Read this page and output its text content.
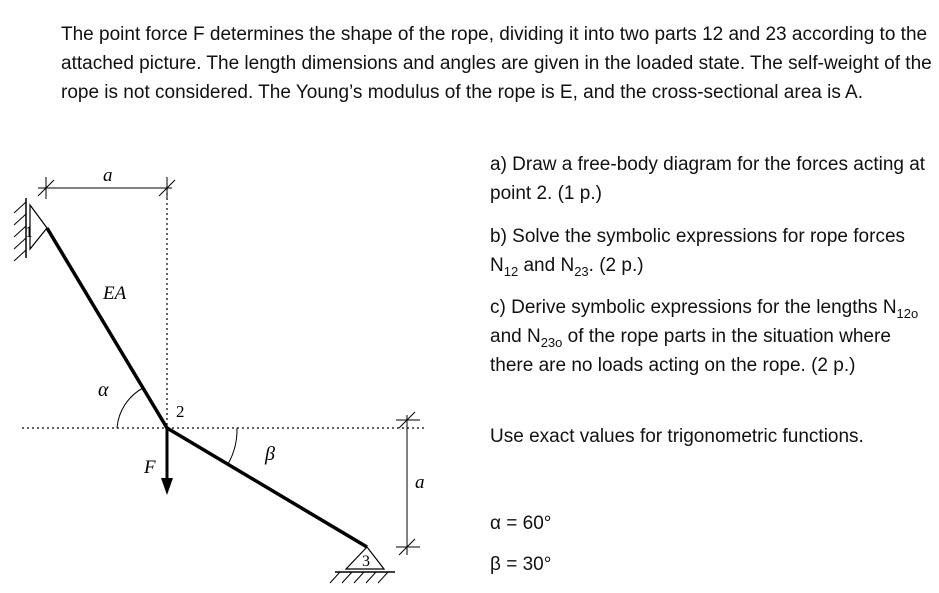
The point force F determines the shape of the rope, dividing it into two parts 12 and 23 according to the attached picture. The length dimensions and angles are given in the loaded state. The self-weight of the rope is not considered. The Young’s modulus of the rope is E, and the cross-sectional area is A.

a
a
1
EA
α
β
2
F
3

a) Draw a free-body diagram for the forces acting at point 2. (1 p.)

b) Solve the symbolic expressions for rope forces $N_{12}$ and $N_{23}$. (2 p.)

c) Derive symbolic expressions for the lengths $N_{12o}$ and $N_{23o}$ of the rope parts in the situation where there are no loads acting on the rope. (2 p.)

Use exact values for trigonometric functions.

α = 60°

β = 30°
